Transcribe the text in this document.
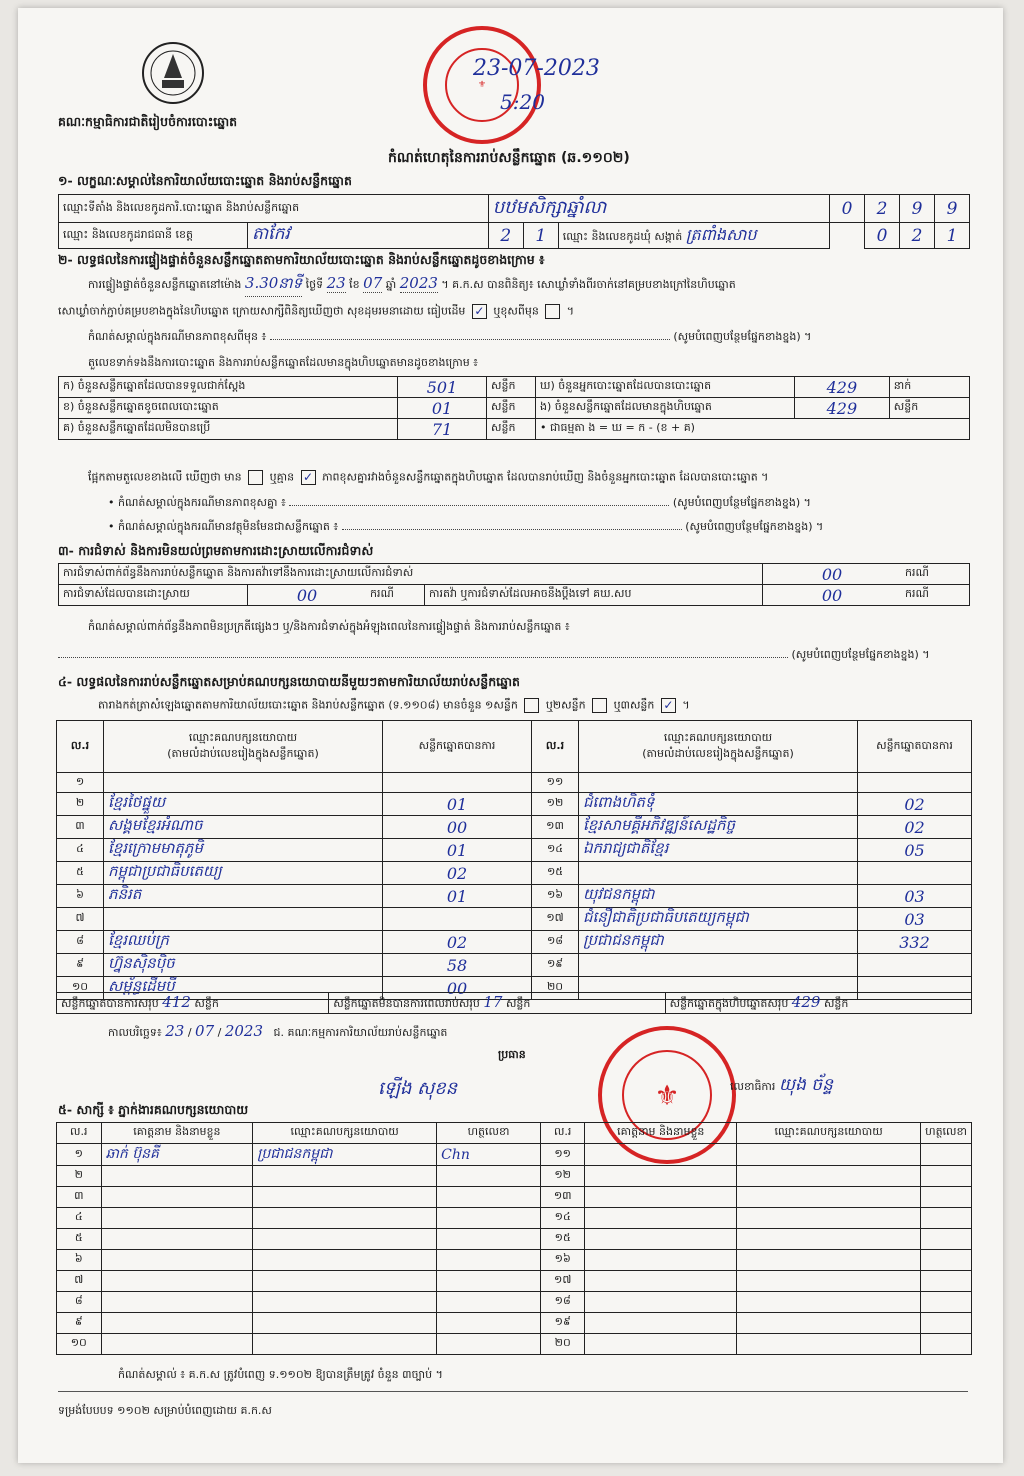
គណៈកម្មាធិការជាតិរៀបចំការបោះឆ្នោត
កំណត់ហេតុនៃការរាប់សន្លឹកឆ្នោត (ឆ.១១០២)
⚜
23-07-2023
5:20
១- លក្ខណៈសម្គាល់នៃការិយាល័យបោះឆ្នោត និងរាប់សន្លឹកឆ្នោត
ឈ្មោះទីតាំង និងលេខកូដការិ.បោះឆ្នោត និងរាប់សន្លឹកឆ្នោត		បឋមសិក្សាឆ្នាំលា			0	2	9	9
ឈ្មោះ និងលេខកូដរាជធានី ខេត្ត	តាកែវ	2	1	ឈ្មោះ និងលេខកូដឃុំ សង្កាត់ ត្រពាំងសាប		0	2	1
២- លទ្ធផលនៃការផ្ទៀងផ្ទាត់ចំនួនសន្លឹកឆ្នោតតាមការិយាល័យបោះឆ្នោត និងរាប់សន្លឹកឆ្នោតដូចខាងក្រោម ៖
ការផ្ទៀងផ្ទាត់ចំនួនសន្លឹកឆ្នោតនៅម៉ោង 3.30នាទី ថ្ងៃទី 23 ខែ 07 ឆ្នាំ 2023 ។ គ.ក.ស បានពិនិត្យ៖ សោឃ្លាំទាំងពីរចាក់នៅគម្របខាងក្រៅនៃហិបឆ្នោត
សោឃ្លាំចាក់ភ្ជាប់គម្របខាងក្នុងនៃហិបឆ្នោត ក្រោយសាក្សីពិនិត្យឃើញថា សុខដុមរមនាដោយ ធៀបដើម ✓ ឬខុសពីមុន  ។
កំណត់សម្គាល់ក្នុងករណីមានភាពខុសពីមុន ៖	(សូមបំពេញបន្ថែមផ្នែកខាងខ្នង) ។
តួលេខទាក់ទងនឹងការបោះឆ្នោត និងការរាប់សន្លឹកឆ្នោតដែលមានក្នុងហិបឆ្នោតមានដូចខាងក្រោម ៖
ក) ចំនួនសន្លឹកឆ្នោតដែលបានទទួលជាក់ស្តែង	501	សន្លឹក	ឃ) ចំនួនអ្នកបោះឆ្នោតដែលបានបោះឆ្នោត	429	នាក់
ខ) ចំនួនសន្លឹកឆ្នោតខូចពេលបោះឆ្នោត	01	សន្លឹក	ង) ចំនួនសន្លឹកឆ្នោតដែលមានក្នុងហិបឆ្នោត	429	សន្លឹក
គ) ចំនួនសន្លឹកឆ្នោតដែលមិនបានប្រើ	71	សន្លឹក	• ជាធម្មតា ង = ឃ = ក - (ខ + គ)		
ផ្អែកតាមតួលេខខាងលើ ឃើញថា មាន	ឬគ្មាន ✓ ភាពខុសគ្នារវាងចំនួនសន្លឹកឆ្នោតក្នុងហិបឆ្នោត ដែលបានរាប់ឃើញ និងចំនួនអ្នកបោះឆ្នោត ដែលបានបោះឆ្នោត ។
• កំណត់សម្គាល់ក្នុងករណីមានភាពខុសគ្នា ៖	(សូមបំពេញបន្ថែមផ្នែកខាងខ្នង) ។
• កំណត់សម្គាល់ក្នុងករណីមានវត្ថុមិនមែនជាសន្លឹកឆ្នោត ៖	(សូមបំពេញបន្ថែមផ្នែកខាងខ្នង) ។
៣- ការជំទាស់ និងការមិនយល់ព្រមតាមការដោះស្រាយលើការជំទាស់
ការជំទាស់ពាក់ព័ន្ធនឹងការរាប់សន្លឹកឆ្នោត និងការតវ៉ាទៅនឹងការដោះស្រាយលើការជំទាស់				00	ករណី
ការជំទាស់ដែលបានដោះស្រាយ	00	ករណី	ការតវ៉ា ឬការជំទាស់ដែលអាចនឹងប្ដឹងទៅ គឃ.សប	00	ករណី
កំណត់សម្គាល់ពាក់ព័ន្ធនឹងភាពមិនប្រក្រតីផ្សេងៗ ឬ/និងការជំទាស់ក្នុងអំឡុងពេលនៃការផ្ទៀងផ្ទាត់ និងការរាប់សន្លឹកឆ្នោត ៖
(សូមបំពេញបន្ថែមផ្នែកខាងខ្នង) ។
៤- លទ្ធផលនៃការរាប់សន្លឹកឆ្នោតសម្រាប់គណបក្សនយោបាយនីមួយៗតាមការិយាល័យរាប់សន្លឹកឆ្នោត
តារាងកត់ត្រាសំឡេងឆ្នោតតាមការិយាល័យបោះឆ្នោត និងរាប់សន្លឹកឆ្នោត (ទ.១១០៨) មានចំនួន ១សន្លឹក	ឬ២សន្លឹក	ឬ៣សន្លឹក ✓ ។
ល.រ	ឈ្មោះគណបក្សនយោបាយ
(តាមលំដាប់លេខរៀងក្នុងសន្លឹកឆ្នោត)	សន្លឹកឆ្នោតបានការ	ល.រ	ឈ្មោះគណបក្សនយោបាយ
(តាមលំដាប់លេខរៀងក្នុងសន្លឹកឆ្នោត)	សន្លឹកឆ្នោតបានការ
១			១១		
២	ខ្មែរថៃផ្នួយ	01	១២	ជំពោងហិតទុំ	02
៣	សង្គមខ្មែរអំណាច	00	១៣	ខ្មែរសាមគ្គីអភិវឌ្ឍន៍សេដ្ឋកិច្ច	02
៤	ខ្មែរក្រោមមាតុភូមិ	01	១៤	ឯករាជ្យជាតិខ្មែរ	05
៥	កម្ពុជាប្រជាធិបតេយ្យ	02	១៥		
៦	ភនិរត	01	១៦	យុវជនកម្ពុជា	03
៧			១៧	ជំនឿជាតិប្រជាធិបតេយ្យកម្ពុជា	03
៨	ខ្មែរឈប់ក្រ	02	១៨	ប្រជាជនកម្ពុជា	332
៩	ហ្វ៊ុនស៊ិនប៉ិច	58	១៩		
១០	សម្ព័ន្ធដើមបី	00	២០		
សន្លឹកឆ្នោតបានការសរុប 412 សន្លឹក	សន្លឹកឆ្នោតមិនបានការពេលរាប់សរុប 17 សន្លឹក	សន្លឹកឆ្នោតក្នុងហិបឆ្នោតសរុប 429 សន្លឹក
កាលបរិច្ឆេទ៖ 23 / 07 / 2023 ជ. គណៈកម្មការការិយាល័យរាប់សន្លឹកឆ្នោត
ប្រធាន
ឡើង សុខន	⚜	លេខាធិការ យុង ច័ន្ទ
៥- សាក្សី ៖ ភ្នាក់ងារគណបក្សនយោបាយ
ល.រ	គោត្តនាម និងនាមខ្លួន	ឈ្មោះគណបក្សនយោបាយ	ហត្ថលេខា	ល.រ	គោត្តនាម និងនាមខ្លួន	ឈ្មោះគណបក្សនយោបាយ	ហត្ថលេខា
១	ឆាក់ ប៊ុនគី	ប្រជាជនកម្ពុជា	Chn	១១			
២				១២			
៣				១៣			
៤				១៤			
៥				១៥			
៦				១៦			
៧				១៧			
៨				១៨			
៩				១៩			
១០				២០			
កំណត់សម្គាល់ ៖ គ.ក.ស ត្រូវបំពេញ ទ.១១០២ ឱ្យបានត្រឹមត្រូវ ចំនួន ៣ច្បាប់ ។
ទម្រង់បែបបទ ១១០២ សម្រាប់បំពេញដោយ គ.ក.ស
